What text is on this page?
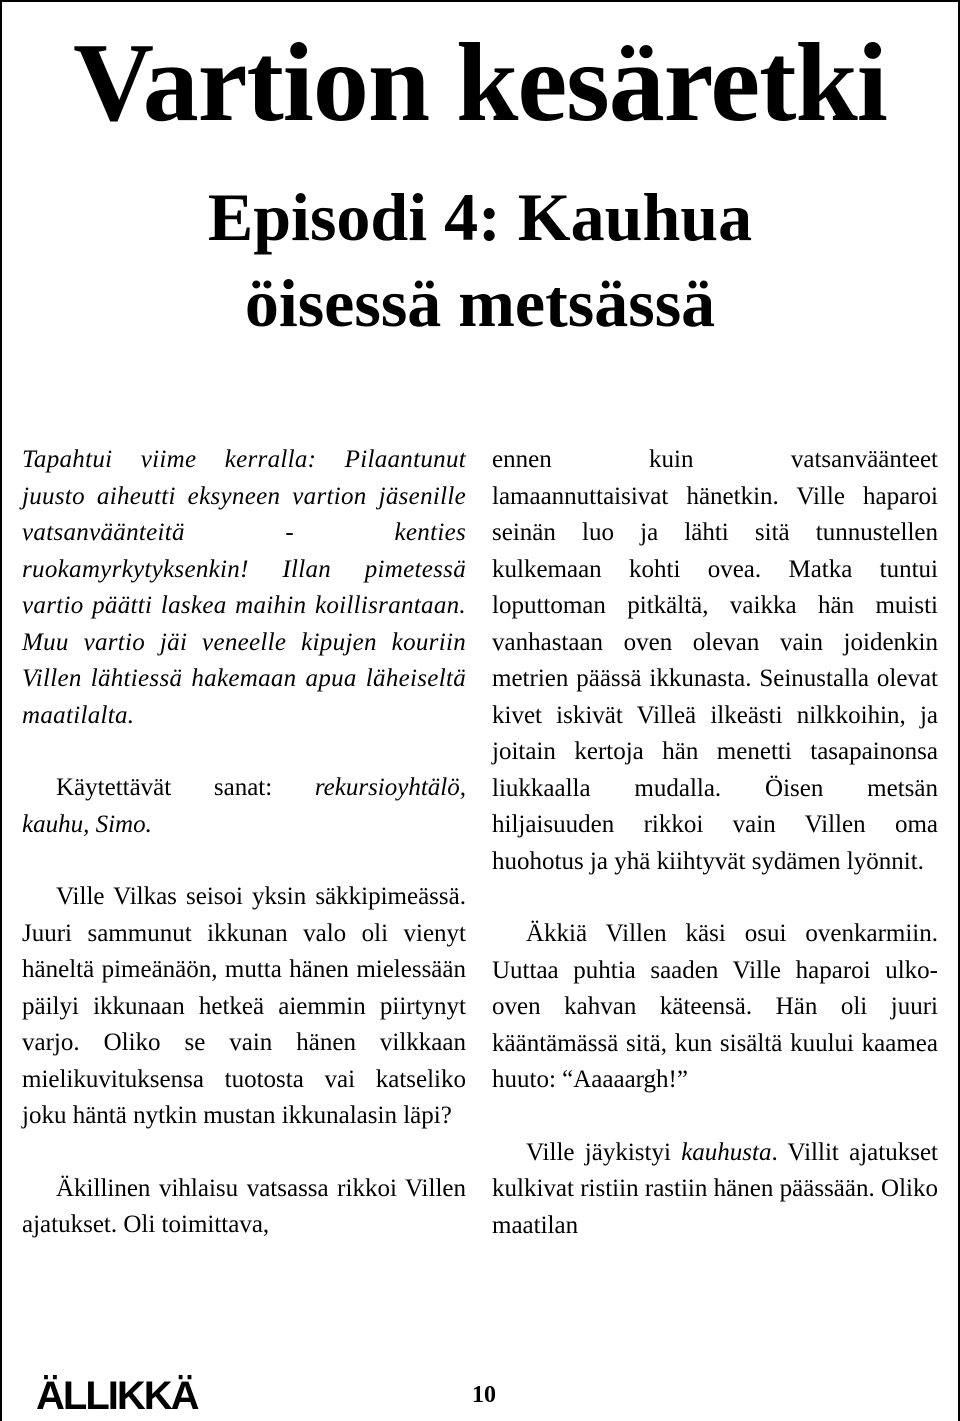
Vartion kesäretki
Episodi 4: Kauhua
öisessä metsässä

Tapahtui viime kerralla: Pilaantunut juusto aiheutti eksyneen vartion jäsenille vatsanväänteitä - kenties ruokamyrkytyksenkin! Illan pimetessä vartio päätti laskea maihin koillisrantaan. Muu vartio jäi veneelle kipujen kouriin Villen lähtiessä hakemaan apua läheiseltä maatilalta.

Käytettävät sanat: rekursioyhtälö, kauhu, Simo.

Ville Vilkas seisoi yksin säkkipimeässä. Juuri sammunut ikkunan valo oli vienyt häneltä pimeänäön, mutta hänen mielessään päilyi ikkunaan hetkeä aiemmin piirtynyt varjo. Oliko se vain hänen vilkkaan mielikuvituksensa tuotosta vai katseliko joku häntä nytkin mustan ikkunalasin läpi?

Äkillinen vihlaisu vatsassa rikkoi Villen ajatukset. Oli toimittava,

ennen kuin vatsanväänteet lamaannuttaisivat hänetkin. Ville haparoi seinän luo ja lähti sitä tunnustellen kulkemaan kohti ovea. Matka tuntui loputtoman pitkältä, vaikka hän muisti vanhastaan oven olevan vain joidenkin metrien päässä ikkunasta. Seinustalla olevat kivet iskivät Villeä ilkeästi nilkkoihin, ja joitain kertoja hän menetti tasapainonsa liukkaalla mudalla. Öisen metsän hiljaisuuden rikkoi vain Villen oma huohotus ja yhä kiihtyvät sydämen lyönnit.

Äkkiä Villen käsi osui ovenkarmiin. Uuttaa puhtia saaden Ville haparoi ulko-oven kahvan käteensä. Hän oli juuri kääntämässä sitä, kun sisältä kuului kaamea huuto: “Aaaaargh!”

Ville jäykistyi kauhusta. Villit ajatukset kulkivat ristiin rastiin hänen päässään. Oliko maatilan

ÄLLIKKÄ	10
